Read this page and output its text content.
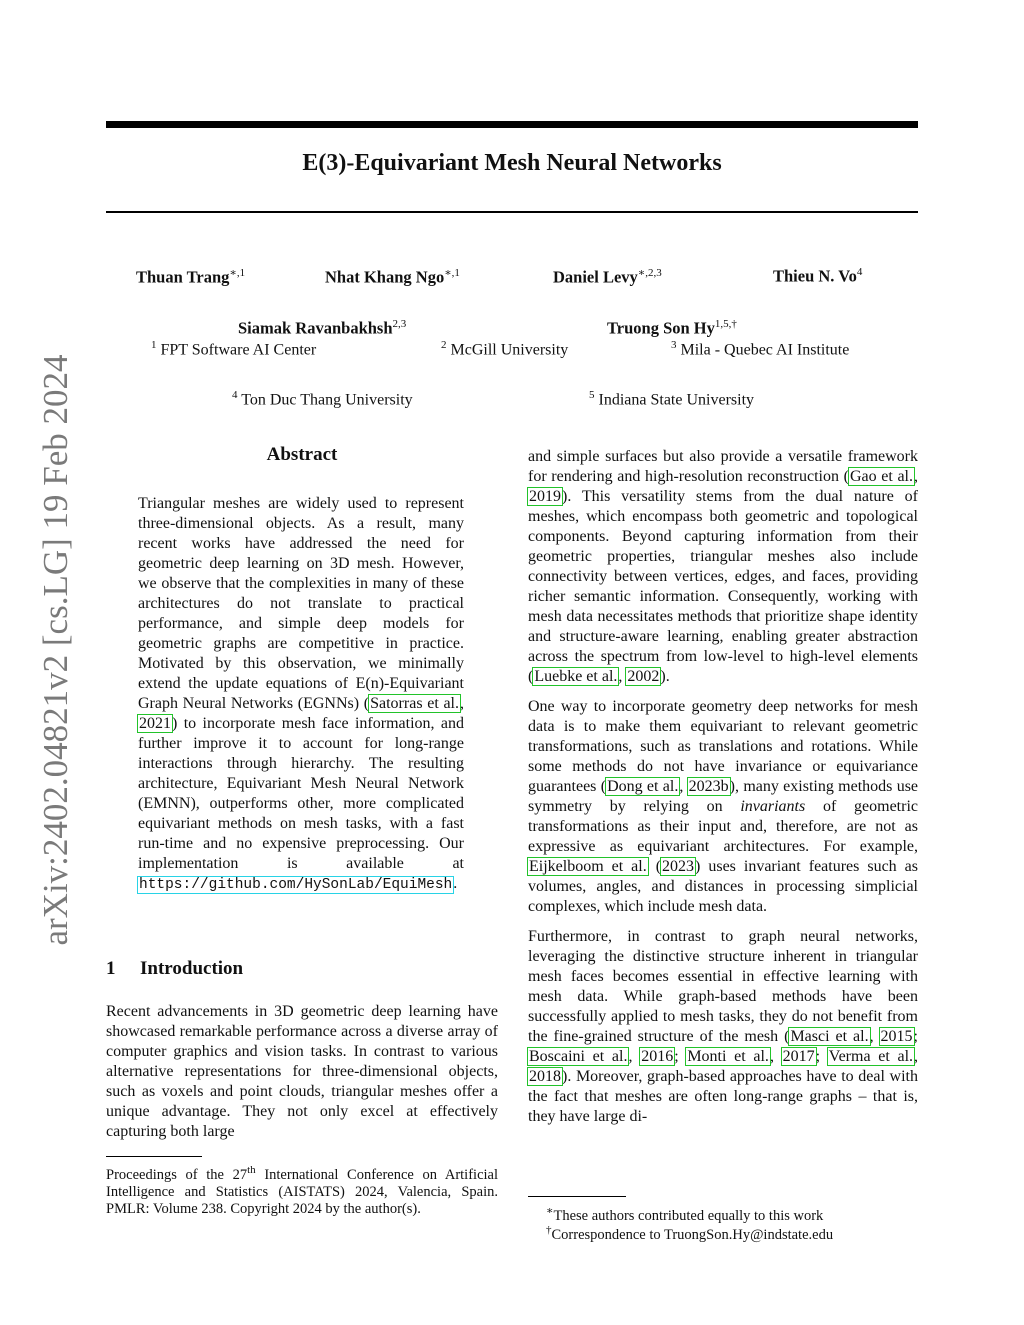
arXiv:2402.04821v2 [cs.LG] 19 Feb 2024
E(3)-Equivariant Mesh Neural Networks
Thuan Trang$^{∗,1}$	Nhat Khang Ngo$^{∗,1}$	Daniel Levy$^{∗,2,3}$	Thieu N. Vo$^4$
Siamak Ravanbakhsh$^{2,3}$	Truong Son $Hy^{1,5,\dagger}$
$^1$ FPT Software AI Center	$^2$ McGill University	$^3$ Mila - Quebec AI Institute
$^4$ Ton Duc Thang University	$^5$ Indiana State University
Abstract
Triangular meshes are widely used to represent three-dimensional objects. As a result, many recent works have addressed the need for geometric deep learning on 3D mesh. However, we observe that the complexities in many of these architectures do not translate to practical performance, and simple deep models for geometric graphs are competitive in practice. Motivated by this observation, we minimally extend the update equations of E(n)-Equivariant Graph Neural Networks (EGNNs) (Satorras et al., 2021) to incorporate mesh face information, and further improve it to account for long-range interactions through hierarchy. The resulting architecture, Equivariant Mesh Neural Network (EMNN), outperforms other, more complicated equivariant methods on mesh tasks, with a fast run-time and no expensive preprocessing. Our implementation is available at https://github.com/HySonLab/EquiMesh.
1 Introduction
Recent advancements in 3D geometric deep learning have showcased remarkable performance across a diverse array of computer graphics and vision tasks. In contrast to various alternative representations for three-dimensional objects, such as voxels and point clouds, triangular meshes offer a unique advantage. They not only excel at effectively capturing both large
Proceedings of the 27th International Conference on Artificial Intelligence and Statistics (AISTATS) 2024, Valencia, Spain. PMLR: Volume 238. Copyright 2024 by the author(s).

and simple surfaces but also provide a versatile framework for rendering and high-resolution reconstruction (Gao et al., 2019). This versatility stems from the dual nature of meshes, which encompass both geometric and topological components. Beyond capturing information from their geometric properties, triangular meshes also include connectivity between vertices, edges, and faces, providing richer semantic information. Consequently, working with mesh data necessitates methods that prioritize shape identity and structure-aware learning, enabling greater abstraction across the spectrum from low-level to high-level elements (Luebke et al., 2002).

One way to incorporate geometry deep networks for mesh data is to make them equivariant to relevant geometric transformations, such as translations and rotations. While some methods do not have invariance or equivariance guarantees (Dong et al., 2023b), many existing methods use symmetry by relying on invariants of geometric transformations as their input and, therefore, are not as expressive as equivariant architectures. For example, Eijkelboom et al. (2023) uses invariant features such as volumes, angles, and distances in processing simplicial complexes, which include mesh data.

Furthermore, in contrast to graph neural networks, leveraging the distinctive structure inherent in triangular mesh faces becomes essential in effective learning with mesh data. While graph-based methods have been successfully applied to mesh tasks, they do not benefit from the fine-grained structure of the mesh (Masci et al., 2015; Boscaini et al., 2016; Monti et al., 2017; Verma et al., 2018). Moreover, graph-based approaches have to deal with the fact that meshes are often long-range graphs – that is, they have large di-

∗These authors contributed equally to this work
†Correspondence to TruongSon.Hy@indstate.edu
